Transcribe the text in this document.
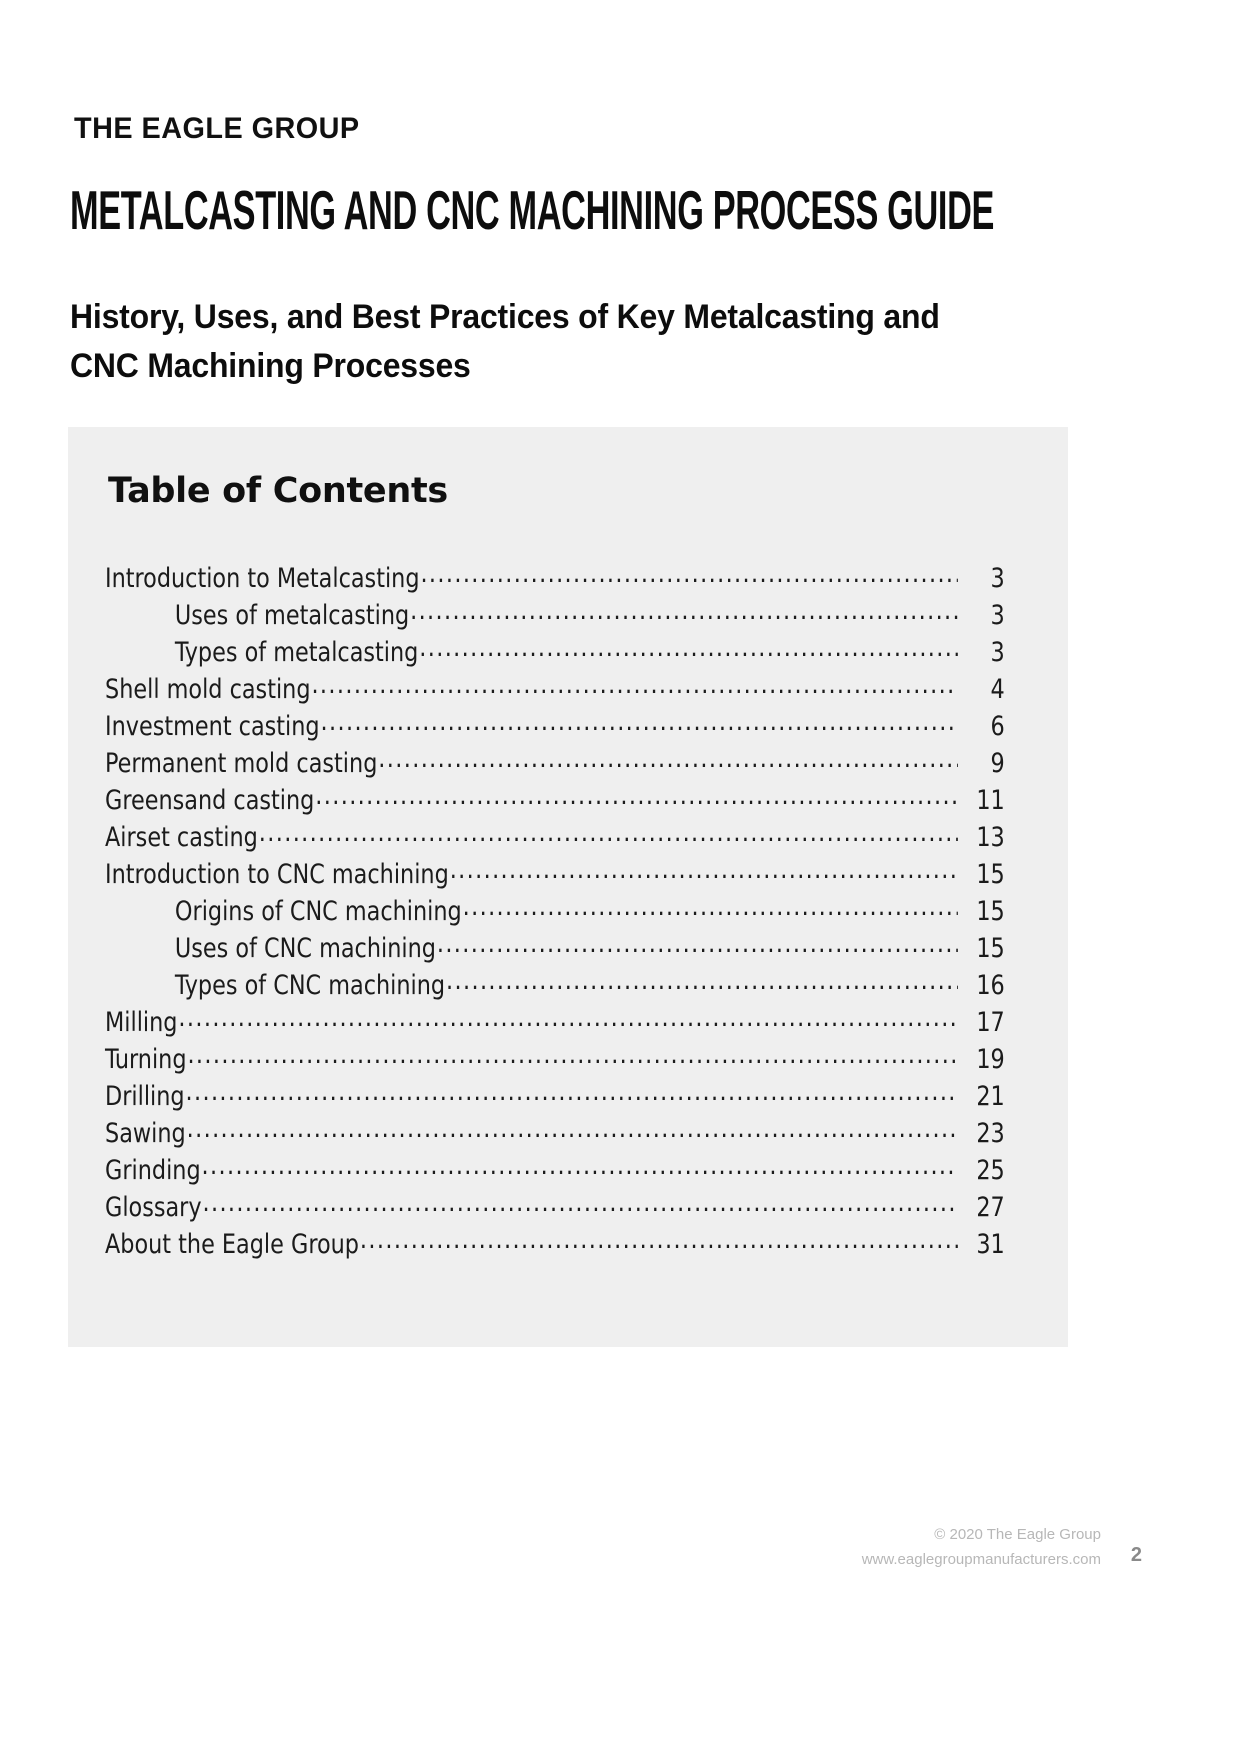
THE EAGLE GROUP
METALCASTING AND CNC MACHINING PROCESS GUIDE
History, Uses, and Best Practices of Key Metalcasting and CNC Machining Processes
Table of Contents
Introduction to Metalcasting .....	3
Uses of metalcasting .....	3
Types of metalcasting .....	3
Shell mold casting .....	4
Investment casting .....	6
Permanent mold casting .....	9
Greensand casting .....	11
Airset casting .....	13
Introduction to CNC machining .....	15
Origins of CNC machining .....	15
Uses of CNC machining .....	15
Types of CNC machining .....	16
Milling .....	17
Turning .....	19
Drilling .....	21
Sawing .....	23
Grinding .....	25
Glossary .....	27
About the Eagle Group .....	31
© 2020 The Eagle Group
www.eaglegroupmanufacturers.com 2
